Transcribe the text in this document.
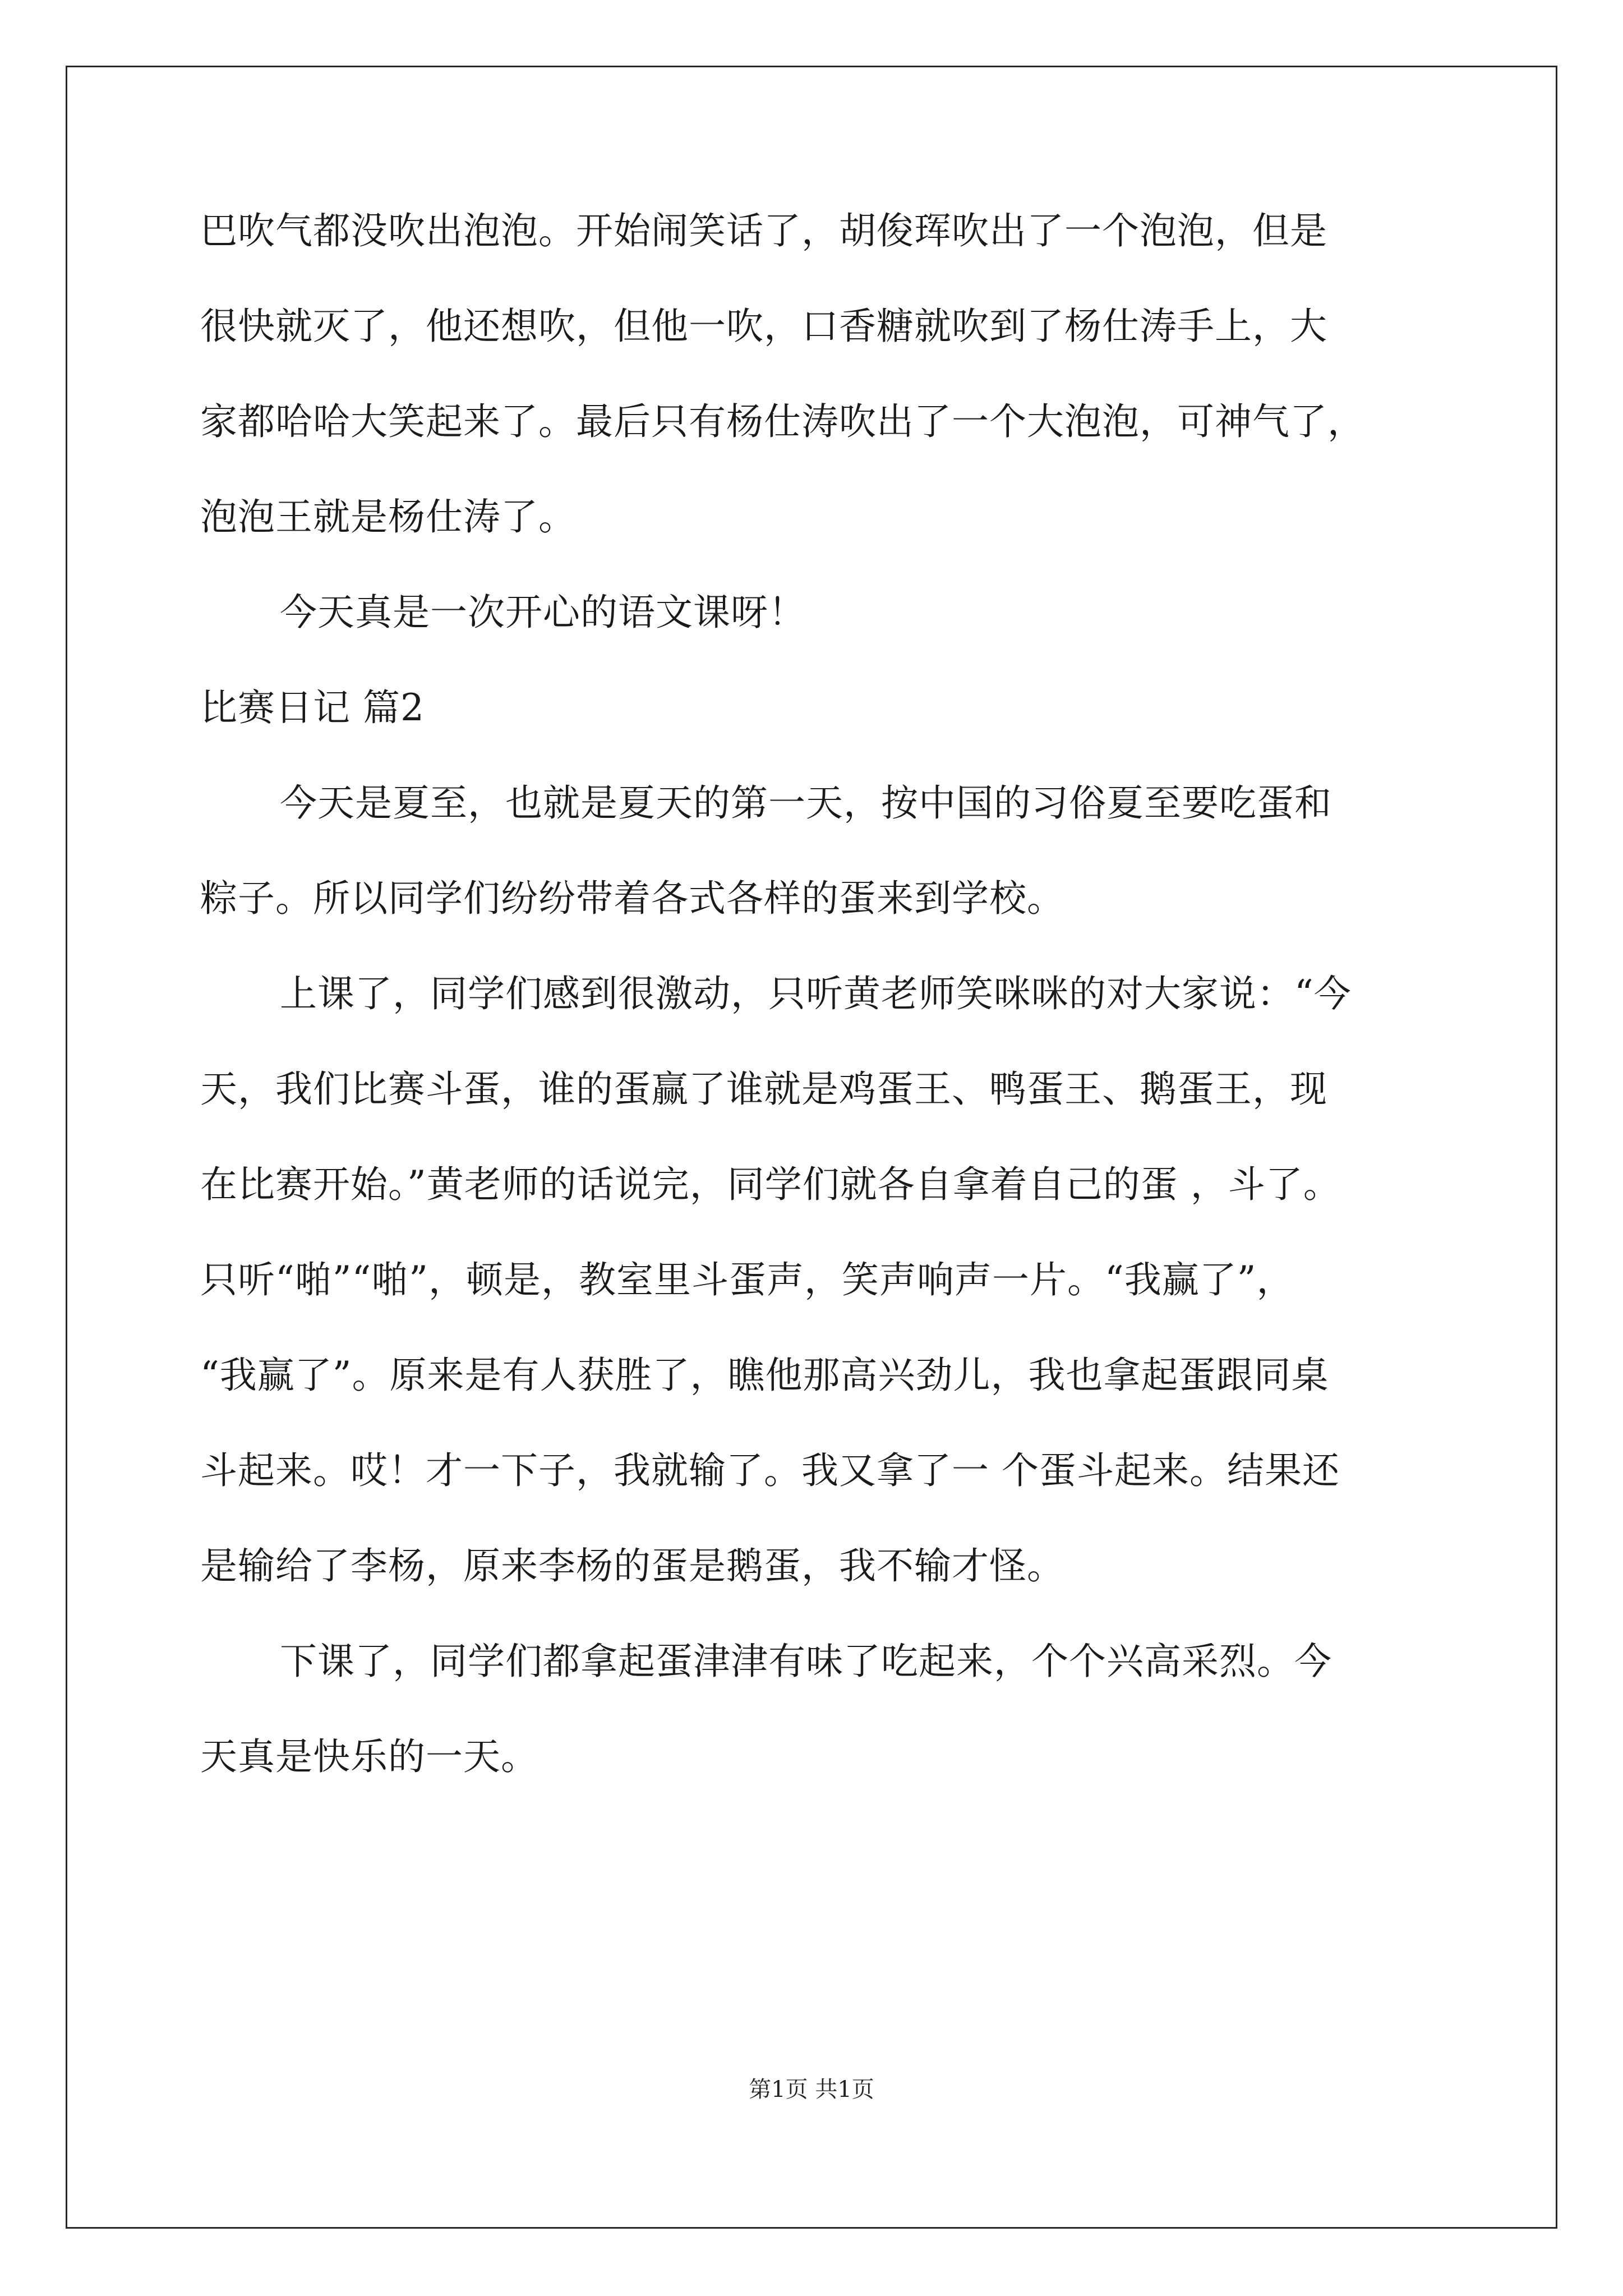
巴吹气都没吹出泡泡。开始闹笑话了，胡俊珲吹出了一个泡泡，但是
很快就灭了，他还想吹，但他一吹，口香糖就吹到了杨仕涛手上，大
家都哈哈大笑起来了。最后只有杨仕涛吹出了一个大泡泡，可神气了，
泡泡王就是杨仕涛了。
今天真是一次开心的语文课呀！
比赛日记 篇2
今天是夏至，也就是夏天的第一天，按中国的习俗夏至要吃蛋和
粽子。所以同学们纷纷带着各式各样的蛋来到学校。
上课了，同学们感到很激动，只听黄老师笑咪咪的对大家说：“今
天，我们比赛斗蛋，谁的蛋赢了谁就是鸡蛋王、鸭蛋王、鹅蛋王，现
在比赛开始。”黄老师的话说完，同学们就各自拿着自己的蛋 ，斗了。
只听“啪”“啪”，顿是，教室里斗蛋声，笑声响声一片。“我赢了”，
“我赢了”。原来是有人获胜了，瞧他那高兴劲儿，我也拿起蛋跟同桌
斗起来。哎！才一下子，我就输了。我又拿了一 个蛋斗起来。结果还
是输给了李杨，原来李杨的蛋是鹅蛋，我不输才怪。
下课了，同学们都拿起蛋津津有味了吃起来，个个兴高采烈。今
天真是快乐的一天。
第1页 共1页
